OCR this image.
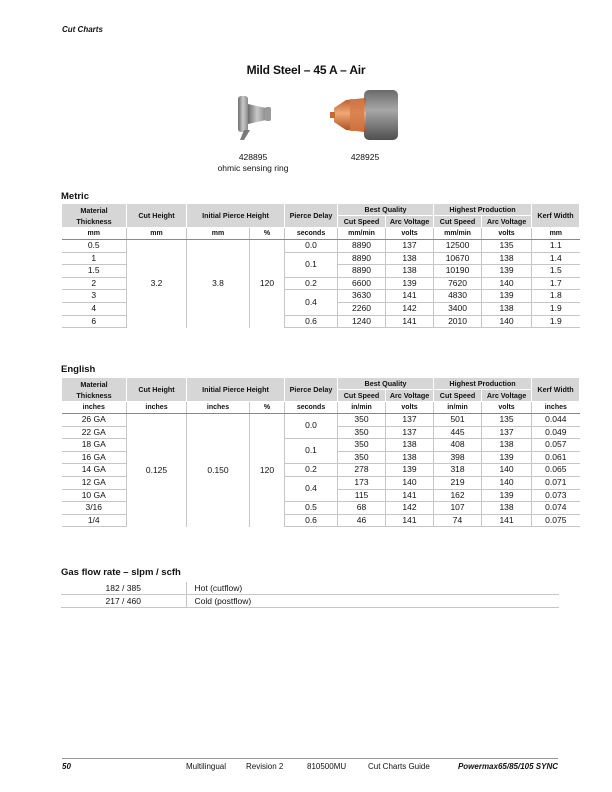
Cut Charts
Mild Steel – 45 A – Air
428895
ohmic sensing ring
428925
Metric
Material Thickness	Cut Height	Initial Pierce Height		Pierce Delay	Best Quality		Highest Production		Kerf Width
					Cut Speed	Arc Voltage	Cut Speed	Arc Voltage	
mm	mm	mm	%	seconds	mm/min	volts	mm/min	volts	mm
0.5	3.2	3.8	120	0.0	8890	137	12500	135	1.1
1				0.1	8890	138	10670	138	1.4
1.5					8890	138	10190	139	1.5
2				0.2	6600	139	7620	140	1.7
3				0.4	3630	141	4830	139	1.8
4					2260	142	3400	138	1.9
6				0.6	1240	141	2010	140	1.9
English
Material Thickness	Cut Height	Initial Pierce Height		Pierce Delay	Best Quality		Highest Production		Kerf Width
					Cut Speed	Arc Voltage	Cut Speed	Arc Voltage	
inches	inches	inches	%	seconds	in/min	volts	in/min	volts	inches
26 GA	0.125	0.150	120	0.0	350	137	501	135	0.044
22 GA					350	137	445	137	0.049
18 GA				0.1	350	138	408	138	0.057
16 GA					350	138	398	139	0.061
14 GA				0.2	278	139	318	140	0.065
12 GA				0.4	173	140	219	140	0.071
10 GA					115	141	162	139	0.073
3/16				0.5	68	142	107	138	0.074
1/4				0.6	46	141	74	141	0.075
Gas flow rate – slpm / scfh
182 / 385	Hot (cutflow)
217 / 460	Cold (postflow)
50	Multilingual Revision 2	810500MU	Cut Charts Guide	Powermax65/85/105 SYNC
